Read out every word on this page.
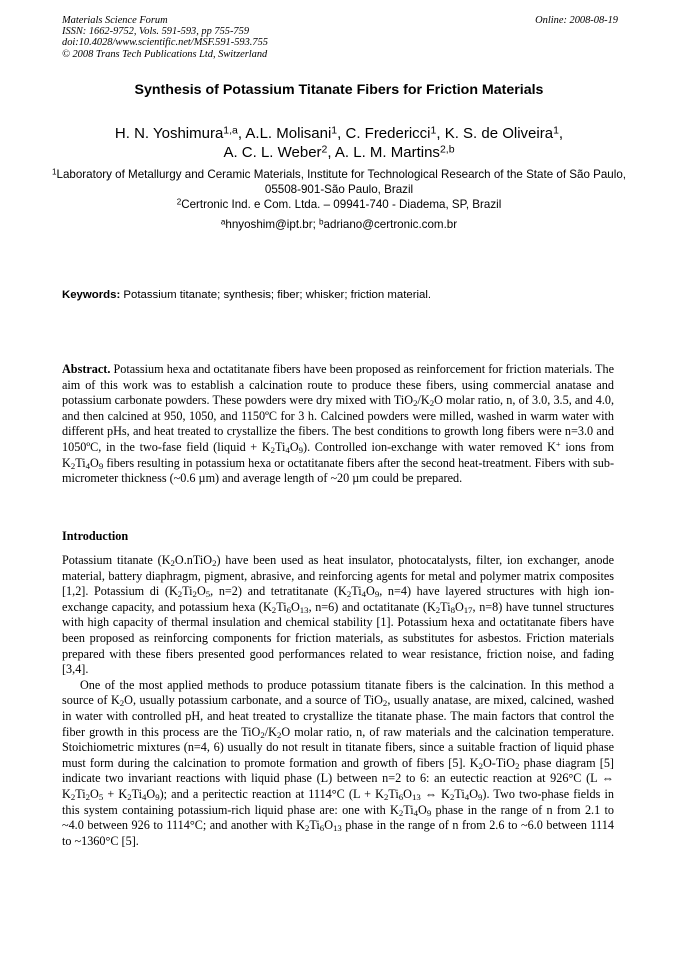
Materials Science Forum
ISSN: 1662-9752, Vols. 591-593, pp 755-759
doi:10.4028/www.scientific.net/MSF.591-593.755
© 2008 Trans Tech Publications Ltd, Switzerland
Online: 2008-08-19
Synthesis of Potassium Titanate Fibers for Friction Materials
H. N. Yoshimura$^{1,a}$, A.L. Molisani$^1$, C. Fredericci$^1$, K. S. de Oliveira$^1$,
A. C. L. Weber$^2$, A. L. M. Martins$^{2,b}$
$^1$Laboratory of Metallurgy and Ceramic Materials, Institute for Technological Research of the State of São Paulo, 05508-901-São Paulo, Brazil
$^2$Certronic Ind. e Com. Ltda. – 09941-740 - Diadema, SP, Brazil
$^a$hnyoshim@ipt.br; $^b$adriano@certronic.com.br
Keywords: Potassium titanate; synthesis; fiber; whisker; friction material.
Abstract. Potassium hexa and octatitanate fibers have been proposed as reinforcement for friction materials. The aim of this work was to establish a calcination route to produce these fibers, using commercial anatase and potassium carbonate powders. These powders were dry mixed with $TiO_2/K_2O$ molar ratio, n, of 3.0, 3.5, and 4.0, and then calcined at 950, 1050, and 1150ºC for 3 h. Calcined powders were milled, washed in warm water with different pHs, and heat treated to crystallize the fibers. The best conditions to growth long fibers were n=3.0 and 1050ºC, in the two-fase field (liquid + $K_2Ti_4O_9$). Controlled ion-exchange with water removed K+ ions from $K_2Ti_4O_9$ fibers resulting in potassium hexa or octatitanate fibers after the second heat-treatment. Fibers with sub-micrometer thickness (~0.6 µm) and average length of ~20 µm could be prepared.
Introduction

Potassium titanate $(K_2O.nTiO_2)$ have been used as heat insulator, photocatalysts, filter, ion exchanger, anode material, battery diaphragm, pigment, abrasive, and reinforcing agents for metal and polymer matrix composites [1,2]. Potassium di ($K_2Ti_2O_5$, n=2) and tetratitanate ($K_2Ti_4O_9$, n=4) have layered structures with high ion-exchange capacity, and potassium hexa ($K_2Ti_6O_{13}$, n=6) and octatitanate ($K_2Ti_8O_{17}$, n=8) have tunnel structures with high capacity of thermal insulation and chemical stability [1]. Potassium hexa and octatitanate fibers have been proposed as reinforcing components for friction materials, as substitutes for asbestos. Friction materials prepared with these fibers presented good performances related to wear resistance, friction noise, and fading [3,4].

One of the most applied methods to produce potassium titanate fibers is the calcination. In this method a source of $K_2O$, usually potassium carbonate, and a source of TiO$_2$, usually anatase, are mixed, calcined, washed in water with controlled pH, and heat treated to crystallize the titanate phase. The main factors that control the fiber growth in this process are the $TiO_2/K_2O$ molar ratio, n, of raw materials and the calcination temperature. Stoichiometric mixtures (n=4, 6) usually do not result in titanate fibers, since a suitable fraction of liquid phase must form during the calcination to promote formation and growth of fibers [5]. $K_2O-TiO_2$ phase diagram [5] indicate two invariant reactions with liquid phase (L) between n=2 to 6: an eutectic reaction at 926°C (L ⇔ $K_2Ti_2O_5 + K_2Ti_4O_9$); and a peritectic reaction at 1114°C ($L + K_2Ti_6O_{13}$ ⇔ $K_2Ti_4O_9$). Two two-phase fields in this system containing potassium-rich liquid phase are: one with $K_2Ti_4O_9$ phase in the range of n from 2.1 to ~4.0 between 926 to 1114°C; and another with $K_2Ti_6O_{13}$ phase in the range of n from 2.6 to ~6.0 between 1114 to ~1360°C [5].
